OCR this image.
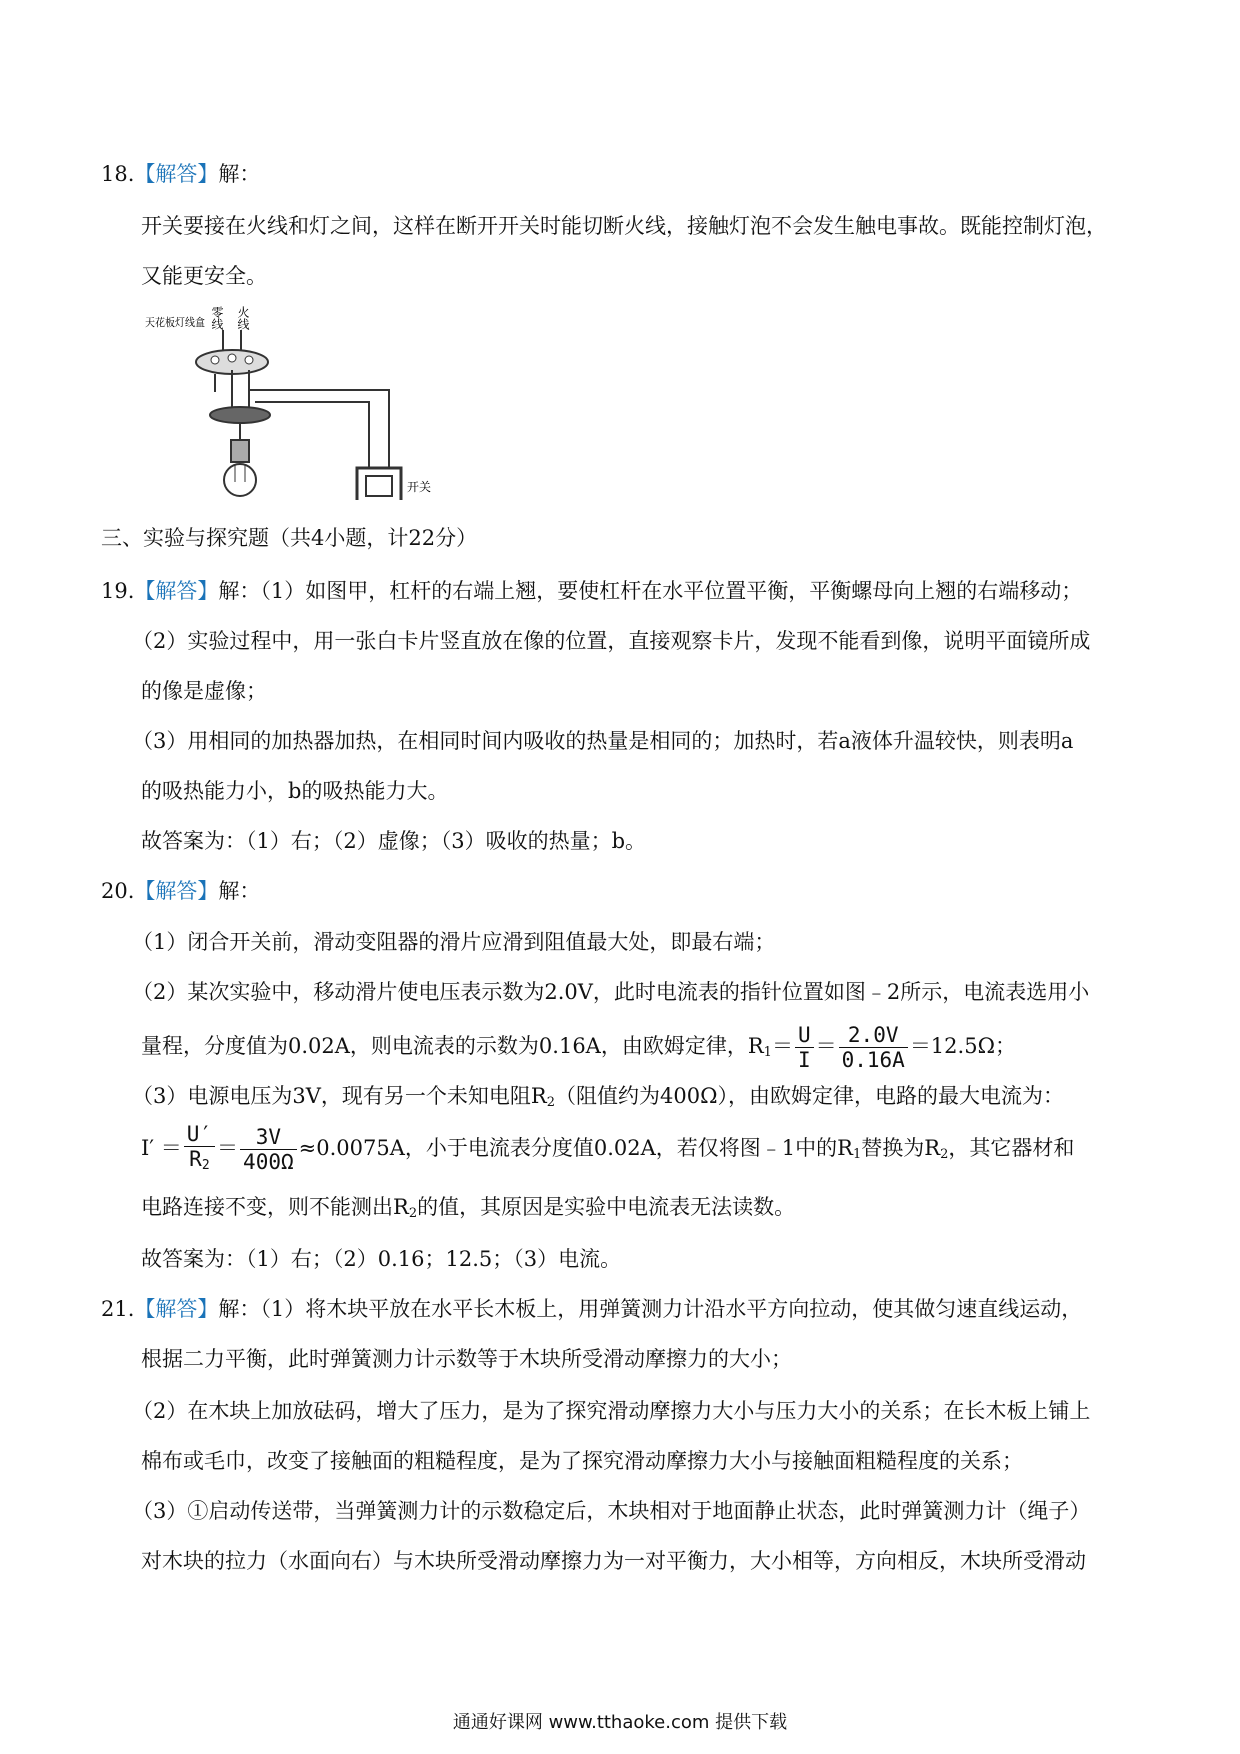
18.【解答】解：
开关要接在火线和灯之间，这样在断开开关时能切断火线，接触灯泡不会发生触电事故。既能控制灯泡，
又能更安全。
零线 火线
天花板灯线盒
开关
三、实验与探究题（共4小题，计22分）
19.【解答】解：（1）如图甲，杠杆的右端上翘，要使杠杆在水平位置平衡，平衡螺母向上翘的右端移动；
（2）实验过程中，用一张白卡片竖直放在像的位置，直接观察卡片，发现不能看到像，说明平面镜所成
的像是虚像；
（3）用相同的加热器加热，在相同时间内吸收的热量是相同的；加热时，若a液体升温较快，则表明a
的吸热能力小，b的吸热能力大。
故答案为：（1）右；（2）虚像；（3）吸收的热量；b。
20.【解答】解：
（1）闭合开关前，滑动变阻器的滑片应滑到阻值最大处，即最右端；
（2）某次实验中，移动滑片使电压表示数为2.0V，此时电流表的指针位置如图﹣2所示，电流表选用小
量程，分度值为0.02A，则电流表的示数为0.16A，由欧姆定律，$R_1= \frac{U}{I} = \frac{2.0V}{0.16A} =12.5\Omega$；
（3）电源电压为3V，现有另一个未知电阻$R_2$（阻值约为400Ω），由欧姆定律，电路的最大电流为：
$I' = \frac{U'}{R_2} = \frac{3V}{400\Omega} \approx 0.0075A$，小于电流表分度值0.02A，若仅将图﹣1中的$R_1$替换为$R_2$，其它器材和
电路连接不变，则不能测出$R_2$的值，其原因是实验中电流表无法读数。
故答案为：（1）右；（2）0.16；12.5；（3）电流。
21.【解答】解：（1）将木块平放在水平长木板上，用弹簧测力计沿水平方向拉动，使其做匀速直线运动，
根据二力平衡，此时弹簧测力计示数等于木块所受滑动摩擦力的大小；
（2）在木块上加放砝码，增大了压力，是为了探究滑动摩擦力大小与压力大小的关系；在长木板上铺上
棉布或毛巾，改变了接触面的粗糙程度，是为了探究滑动摩擦力大小与接触面粗糙程度的关系；
（3）①启动传送带，当弹簧测力计的示数稳定后，木块相对于地面静止状态，此时弹簧测力计（绳子）
对木块的拉力（水面向右）与木块所受滑动摩擦力为一对平衡力，大小相等，方向相反，木块所受滑动
通通好课网 www.tthaoke.com 提供下载
